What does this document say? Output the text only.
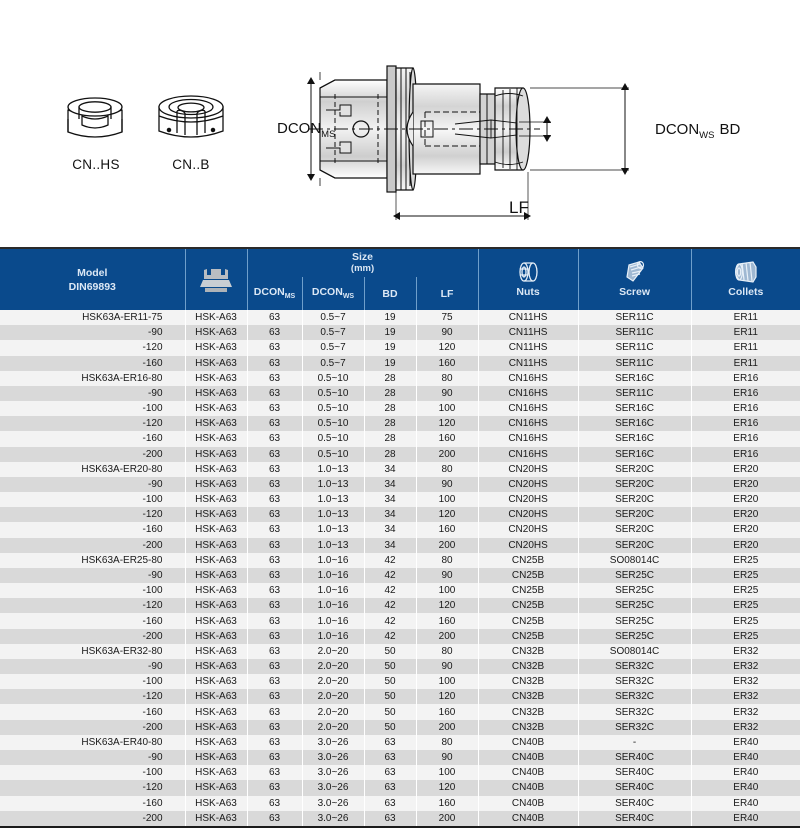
CN..HS	CN..B
$DCON_{MS}$	$DCON_{WS}$ BD
LF
Model
DIN69893		Size
(mm)				Nuts	Screw	Collets

		$DCON_{MS}$	$DCON_{WS}$	BD	LF			
HSK63A-ER11-75	HSK-A63	63	0.5~7	19	75	CN11HS	SER11C	ER11
-90	HSK-A63	63	0.5~7	19	90	CN11HS	SER11C	ER11
-120	HSK-A63	63	0.5~7	19	120	CN11HS	SER11C	ER11
-160	HSK-A63	63	0.5~7	19	160	CN11HS	SER11C	ER11
HSK63A-ER16-80	HSK-A63	63	0.5~10	28	80	CN16HS	SER16C	ER16
-90	HSK-A63	63	0.5~10	28	90	CN16HS	SER11C	ER16
-100	HSK-A63	63	0.5~10	28	100	CN16HS	SER16C	ER16
-120	HSK-A63	63	0.5~10	28	120	CN16HS	SER16C	ER16
-160	HSK-A63	63	0.5~10	28	160	CN16HS	SER16C	ER16
-200	HSK-A63	63	0.5~10	28	200	CN16HS	SER16C	ER16
HSK63A-ER20-80	HSK-A63	63	1.0~13	34	80	CN20HS	SER20C	ER20
-90	HSK-A63	63	1.0~13	34	90	CN20HS	SER20C	ER20
-100	HSK-A63	63	1.0~13	34	100	CN20HS	SER20C	ER20
-120	HSK-A63	63	1.0~13	34	120	CN20HS	SER20C	ER20
-160	HSK-A63	63	1.0~13	34	160	CN20HS	SER20C	ER20
-200	HSK-A63	63	1.0~13	34	200	CN20HS	SER20C	ER20
HSK63A-ER25-80	HSK-A63	63	1.0~16	42	80	CN25B	SO08014C	ER25
-90	HSK-A63	63	1.0~16	42	90	CN25B	SER25C	ER25
-100	HSK-A63	63	1.0~16	42	100	CN25B	SER25C	ER25
-120	HSK-A63	63	1.0~16	42	120	CN25B	SER25C	ER25
-160	HSK-A63	63	1.0~16	42	160	CN25B	SER25C	ER25
-200	HSK-A63	63	1.0~16	42	200	CN25B	SER25C	ER25
HSK63A-ER32-80	HSK-A63	63	2.0~20	50	80	CN32B	SO08014C	ER32
-90	HSK-A63	63	2.0~20	50	90	CN32B	SER32C	ER32
-100	HSK-A63	63	2.0~20	50	100	CN32B	SER32C	ER32
-120	HSK-A63	63	2.0~20	50	120	CN32B	SER32C	ER32
-160	HSK-A63	63	2.0~20	50	160	CN32B	SER32C	ER32
-200	HSK-A63	63	2.0~20	50	200	CN32B	SER32C	ER32
HSK63A-ER40-80	HSK-A63	63	3.0~26	63	80	CN40B	-	ER40
-90	HSK-A63	63	3.0~26	63	90	CN40B	SER40C	ER40
-100	HSK-A63	63	3.0~26	63	100	CN40B	SER40C	ER40
-120	HSK-A63	63	3.0~26	63	120	CN40B	SER40C	ER40
-160	HSK-A63	63	3.0~26	63	160	CN40B	SER40C	ER40
-200	HSK-A63	63	3.0~26	63	200	CN40B	SER40C	ER40
